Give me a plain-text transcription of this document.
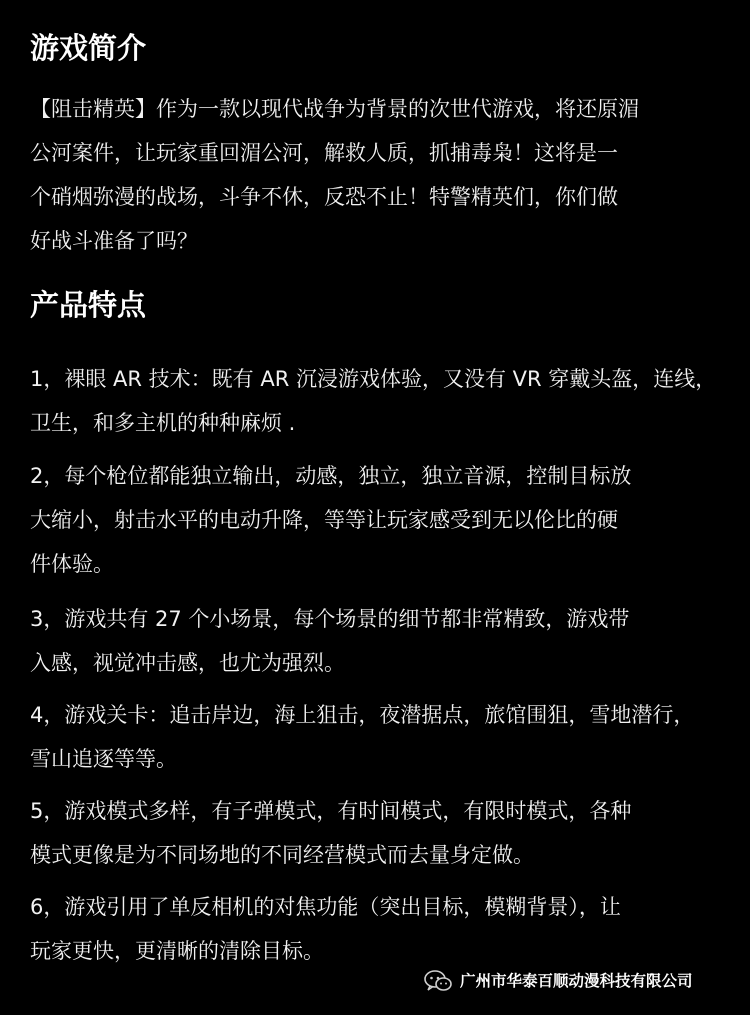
游戏简介
【阻击精英】作为一款以现代战争为背景的次世代游戏，将还原湄
公河案件，让玩家重回湄公河，解救人质，抓捕毒枭！这将是一
个硝烟弥漫的战场，斗争不休，反恐不止！特警精英们，你们做
好战斗准备了吗？
产品特点
1，裸眼 AR 技术：既有 AR 沉浸游戏体验，又没有 VR 穿戴头盔，连线，
卫生，和多主机的种种麻烦 .
2，每个枪位都能独立输出，动感，独立，独立音源，控制目标放
大缩小，射击水平的电动升降，等等让玩家感受到无以伦比的硬
件体验。
3，游戏共有 27 个小场景，每个场景的细节都非常精致，游戏带
入感，视觉冲击感，也尤为强烈。
4，游戏关卡：追击岸边，海上狙击，夜潜据点，旅馆围狙，雪地潜行，
雪山追逐等等。
5，游戏模式多样，有子弹模式，有时间模式，有限时模式，各种
模式更像是为不同场地的不同经营模式而去量身定做。
6，游戏引用了单反相机的对焦功能（突出目标，模糊背景），让
玩家更快，更清晰的清除目标。
广州市华泰百顺动漫科技有限公司
